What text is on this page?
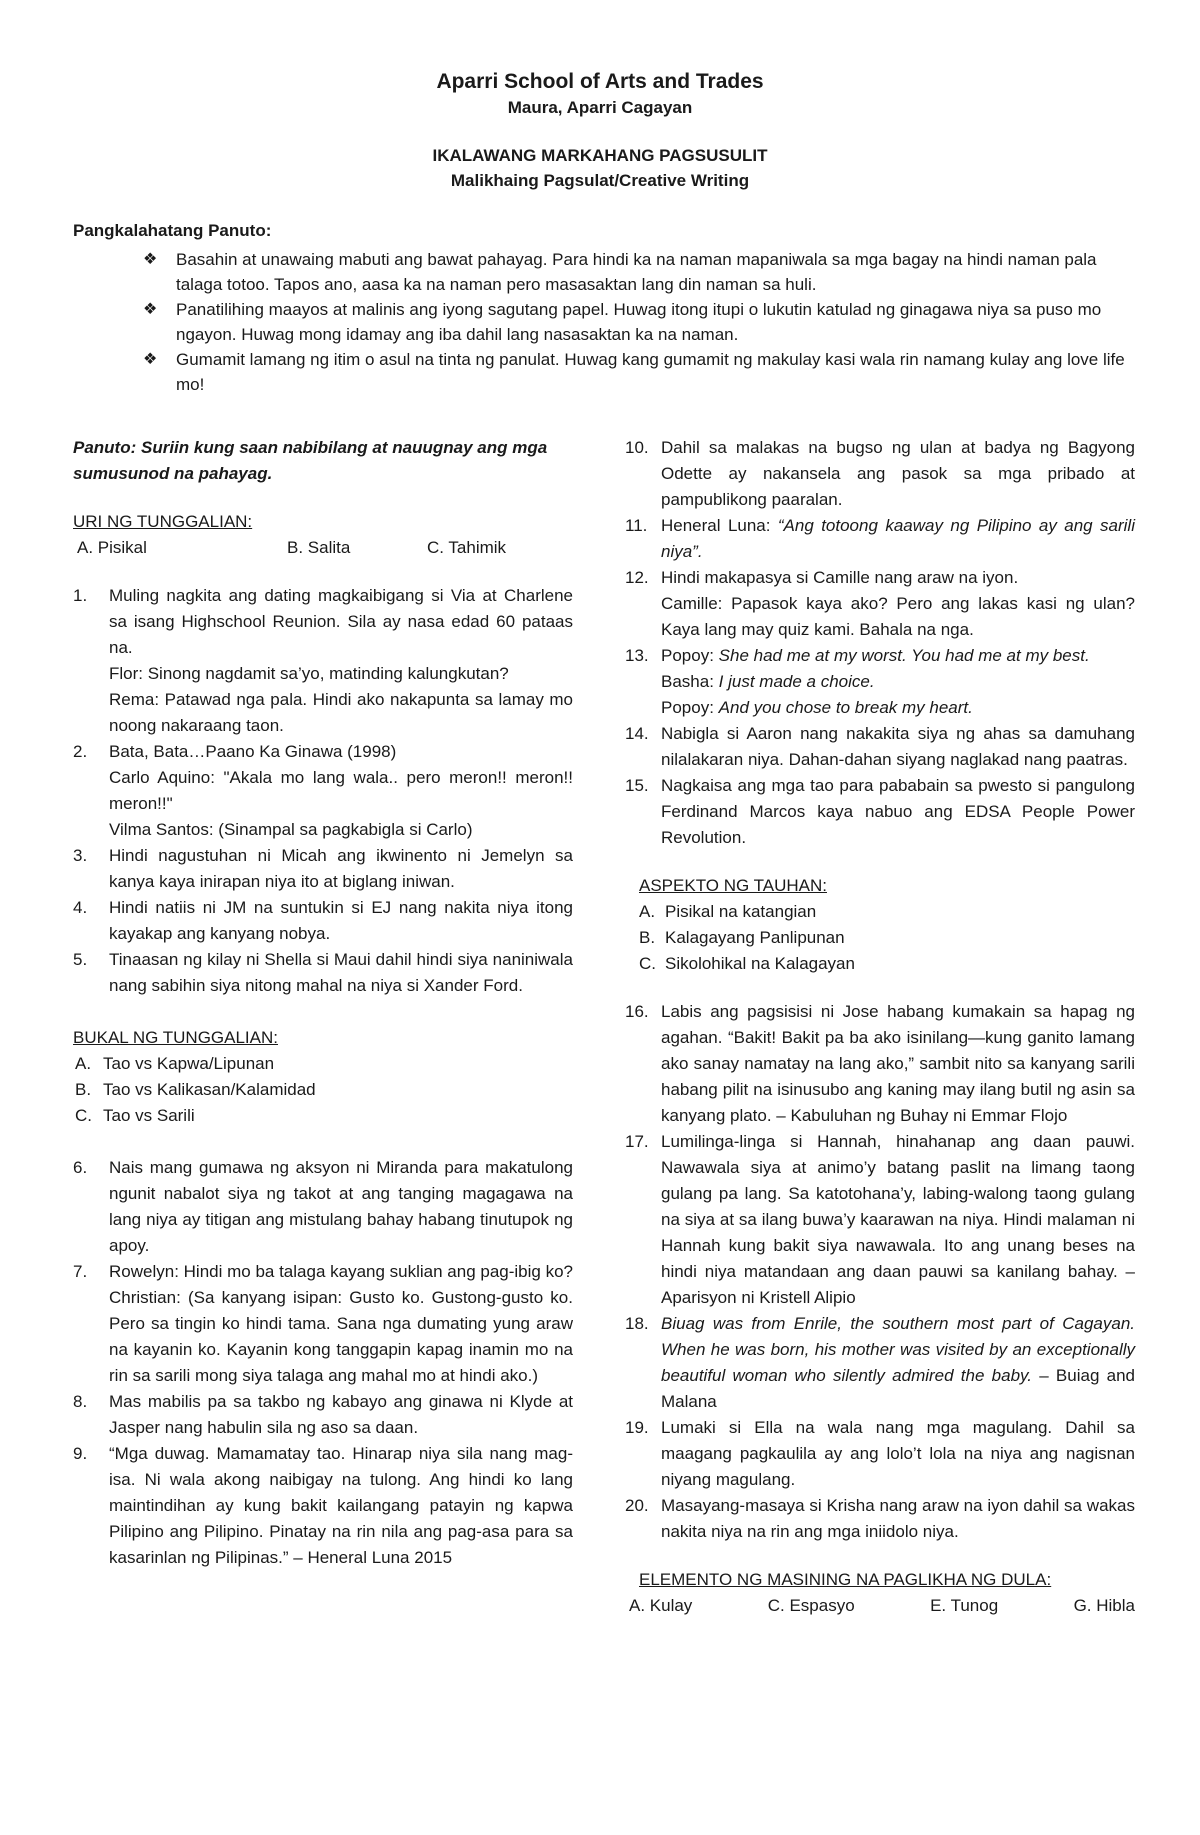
Aparri School of Arts and Trades
Maura, Aparri Cagayan
IKALAWANG MARKAHANG PAGSUSULIT
Malikhaing Pagsulat/Creative Writing
Pangkalahatang Panuto:
❖	Basahin at unawaing mabuti ang bawat pahayag. Para hindi ka na naman mapaniwala sa mga bagay na hindi naman pala talaga totoo. Tapos ano, aasa ka na naman pero masasaktan lang din naman sa huli.
❖	Panatilihing maayos at malinis ang iyong sagutang papel. Huwag itong itupi o lukutin katulad ng ginagawa niya sa puso mo ngayon. Huwag mong idamay ang iba dahil lang nasasaktan ka na naman.
❖	Gumamit lamang ng itim o asul na tinta ng panulat. Huwag kang gumamit ng makulay kasi wala rin namang kulay ang love life mo!
Panuto: Suriin kung saan nabibilang at nauugnay ang mga sumusunod na pahayag.
URI NG TUNGGALIAN:
A. Pisikal	B. Salita	C. Tahimik
1. Muling nagkita ang dating magkaibigang si Via at Charlene sa isang Highschool Reunion. Sila ay nasa edad 60 pataas na.

Flor: Sinong nagdamit sa’yo, matinding kalungkutan?

Rema: Patawad nga pala. Hindi ako nakapunta sa lamay mo noong nakaraang taon.

2. Bata, Bata…Paano Ka Ginawa (1998)

Carlo Aquino: "Akala mo lang wala.. pero meron!! meron!! meron!!"

Vilma Santos: (Sinampal sa pagkabigla si Carlo)

3. Hindi nagustuhan ni Micah ang ikwinento ni Jemelyn sa kanya kaya inirapan niya ito at biglang iniwan.

4. Hindi natiis ni JM na suntukin si EJ nang nakita niya itong kayakap ang kanyang nobya.

5. Tinaasan ng kilay ni Shella si Maui dahil hindi siya naniniwala nang sabihin siya nitong mahal na niya si Xander Ford.

BUKAL NG TUNGGALIAN:
A. Tao vs Kapwa/Lipunan
B. Tao vs Kalikasan/Kalamidad
C. Tao vs Sarili
6. Nais mang gumawa ng aksyon ni Miranda para makatulong ngunit nabalot siya ng takot at ang tanging magagawa na lang niya ay titigan ang mistulang bahay habang tinutupok ng apoy.

7. Rowelyn: Hindi mo ba talaga kayang suklian ang pag-ibig ko?

Christian: (Sa kanyang isipan: Gusto ko. Gustong-gusto ko. Pero sa tingin ko hindi tama. Sana nga dumating yung araw na kayanin ko. Kayanin kong tanggapin kapag inamin mo na rin sa sarili mong siya talaga ang mahal mo at hindi ako.)

8. Mas mabilis pa sa takbo ng kabayo ang ginawa ni Klyde at Jasper nang habulin sila ng aso sa daan.

9. “Mga duwag. Mamamatay tao. Hinarap niya sila nang mag-isa. Ni wala akong naibigay na tulong. Ang hindi ko lang maintindihan ay kung bakit kailangang patayin ng kapwa Pilipino ang Pilipino. Pinatay na rin nila ang pag-asa para sa kasarinlan ng Pilipinas.” – Heneral Luna 2015

10. Dahil sa malakas na bugso ng ulan at badya ng Bagyong Odette ay nakansela ang pasok sa mga pribado at pampublikong paaralan.

11. Heneral Luna: “Ang totoong kaaway ng Pilipino ay ang sarili niya”.

12. Hindi makapasya si Camille nang araw na iyon.

Camille: Papasok kaya ako? Pero ang lakas kasi ng ulan? Kaya lang may quiz kami. Bahala na nga.

13. Popoy: She had me at my worst. You had me at my best.

Basha: I just made a choice.

Popoy: And you chose to break my heart.

14. Nabigla si Aaron nang nakakita siya ng ahas sa damuhang nilalakaran niya. Dahan-dahan siyang naglakad nang paatras.

15. Nagkaisa ang mga tao para pababain sa pwesto si pangulong Ferdinand Marcos kaya nabuo ang EDSA People Power Revolution.

ASPEKTO NG TAUHAN:
A. Pisikal na katangian
B. Kalagayang Panlipunan
C. Sikolohikal na Kalagayan
16. Labis ang pagsisisi ni Jose habang kumakain sa hapag ng agahan. “Bakit! Bakit pa ba ako isinilang—kung ganito lamang ako sanay namatay na lang ako,” sambit nito sa kanyang sarili habang pilit na isinusubo ang kaning may ilang butil ng asin sa kanyang plato. – Kabuluhan ng Buhay ni Emmar Flojo

17. Lumilinga-linga si Hannah, hinahanap ang daan pauwi. Nawawala siya at animo’y batang paslit na limang taong gulang pa lang. Sa katotohana’y, labing-walong taong gulang na siya at sa ilang buwa’y kaarawan na niya. Hindi malaman ni Hannah kung bakit siya nawawala. Ito ang unang beses na hindi niya matandaan ang daan pauwi sa kanilang bahay. – Aparisyon ni Kristell Alipio

18. Biuag was from Enrile, the southern most part of Cagayan. When he was born, his mother was visited by an exceptionally beautiful woman who silently admired the baby. – Buiag and Malana

19. Lumaki si Ella na wala nang mga magulang. Dahil sa maagang pagkaulila ay ang lolo’t lola na niya ang nagisnan niyang magulang.

20. Masayang-masaya si Krisha nang araw na iyon dahil sa wakas nakita niya na rin ang mga iniidolo niya.

ELEMENTO NG MASINING NA PAGLIKHA NG DULA:
A. Kulay	C. Espasyo	E. Tunog	G. Hibla
